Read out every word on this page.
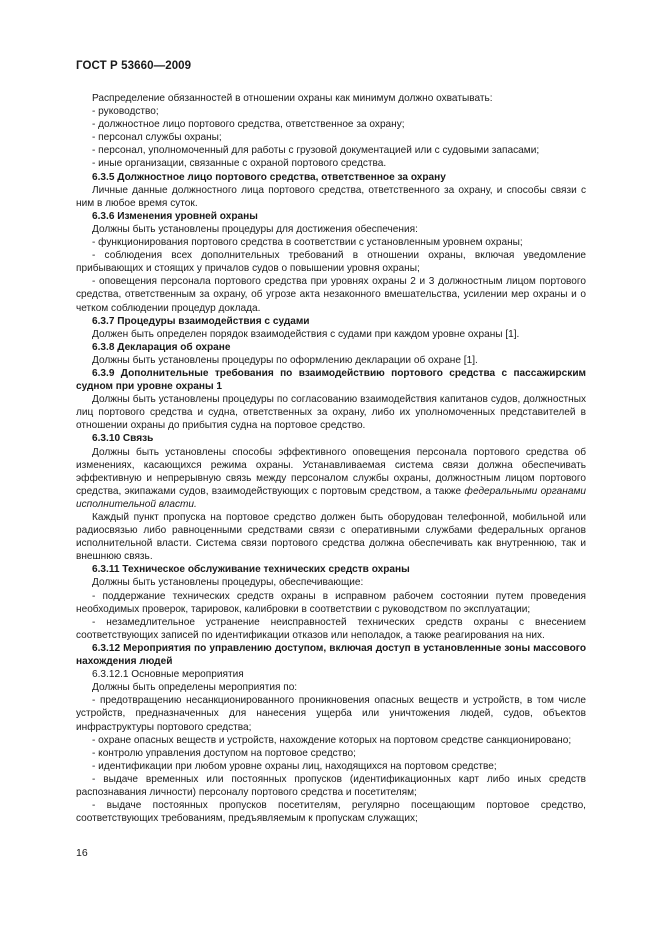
ГОСТ Р 53660—2009

Распределение обязанностей в отношении охраны как минимум должно охватывать:

- руководство;

- должностное лицо портового средства, ответственное за охрану;

- персонал службы охраны;

- персонал, уполномоченный для работы с грузовой документацией или с судовыми запасами;

- иные организации, связанные с охраной портового средства.

6.3.5 Должностное лицо портового средства, ответственное за охрану

Личные данные должностного лица портового средства, ответственного за охрану, и способы связи с ним в любое время суток.

6.3.6 Изменения уровней охраны

Должны быть установлены процедуры для достижения обеспечения:

- функционирования портового средства в соответствии с установленным уровнем охраны;

- соблюдения всех дополнительных требований в отношении охраны, включая уведомление прибывающих и стоящих у причалов судов о повышении уровня охраны;

- оповещения персонала портового средства при уровнях охраны 2 и 3 должностным лицом портового средства, ответственным за охрану, об угрозе акта незаконного вмешательства, усилении мер охраны и о четком соблюдении процедур доклада.

6.3.7 Процедуры взаимодействия с судами

Должен быть определен порядок взаимодействия с судами при каждом уровне охраны [1].

6.3.8 Декларация об охране

Должны быть установлены процедуры по оформлению декларации об охране [1].

6.3.9 Дополнительные требования по взаимодействию портового средства с пассажирским судном при уровне охраны 1

Должны быть установлены процедуры по согласованию взаимодействия капитанов судов, должностных лиц портового средства и судна, ответственных за охрану, либо их уполномоченных представителей в отношении охраны до прибытия судна на портовое средство.

6.3.10 Связь

Должны быть установлены способы эффективного оповещения персонала портового средства об изменениях, касающихся режима охраны. Устанавливаемая система связи должна обеспечивать эффективную и непрерывную связь между персоналом службы охраны, должностным лицом портового средства, экипажами судов, взаимодействующих с портовым средством, а также федеральными органами исполнительной власти.

Каждый пункт пропуска на портовое средство должен быть оборудован телефонной, мобильной или радиосвязью либо равноценными средствами связи с оперативными службами федеральных органов исполнительной власти. Система связи портового средства должна обеспечивать как внутреннюю, так и внешнюю связь.

6.3.11 Техническое обслуживание технических средств охраны

Должны быть установлены процедуры, обеспечивающие:

- поддержание технических средств охраны в исправном рабочем состоянии путем проведения необходимых проверок, тарировок, калибровки в соответствии с руководством по эксплуатации;

- незамедлительное устранение неисправностей технических средств охраны с внесением соответствующих записей по идентификации отказов или неполадок, а также реагирования на них.

6.3.12 Мероприятия по управлению доступом, включая доступ в установленные зоны массового нахождения людей

6.3.12.1 Основные мероприятия

Должны быть определены мероприятия по:

- предотвращению несанкционированного проникновения опасных веществ и устройств, в том числе устройств, предназначенных для нанесения ущерба или уничтожения людей, судов, объектов инфраструктуры портового средства;

- охране опасных веществ и устройств, нахождение которых на портовом средстве санкционировано;

- контролю управления доступом на портовое средство;

- идентификации при любом уровне охраны лиц, находящихся на портовом средстве;

- выдаче временных или постоянных пропусков (идентификационных карт либо иных средств распознавания личности) персоналу портового средства и посетителям;

- выдаче постоянных пропусков посетителям, регулярно посещающим портовое средство, соответствующих требованиям, предъявляемым к пропускам служащих;

16
